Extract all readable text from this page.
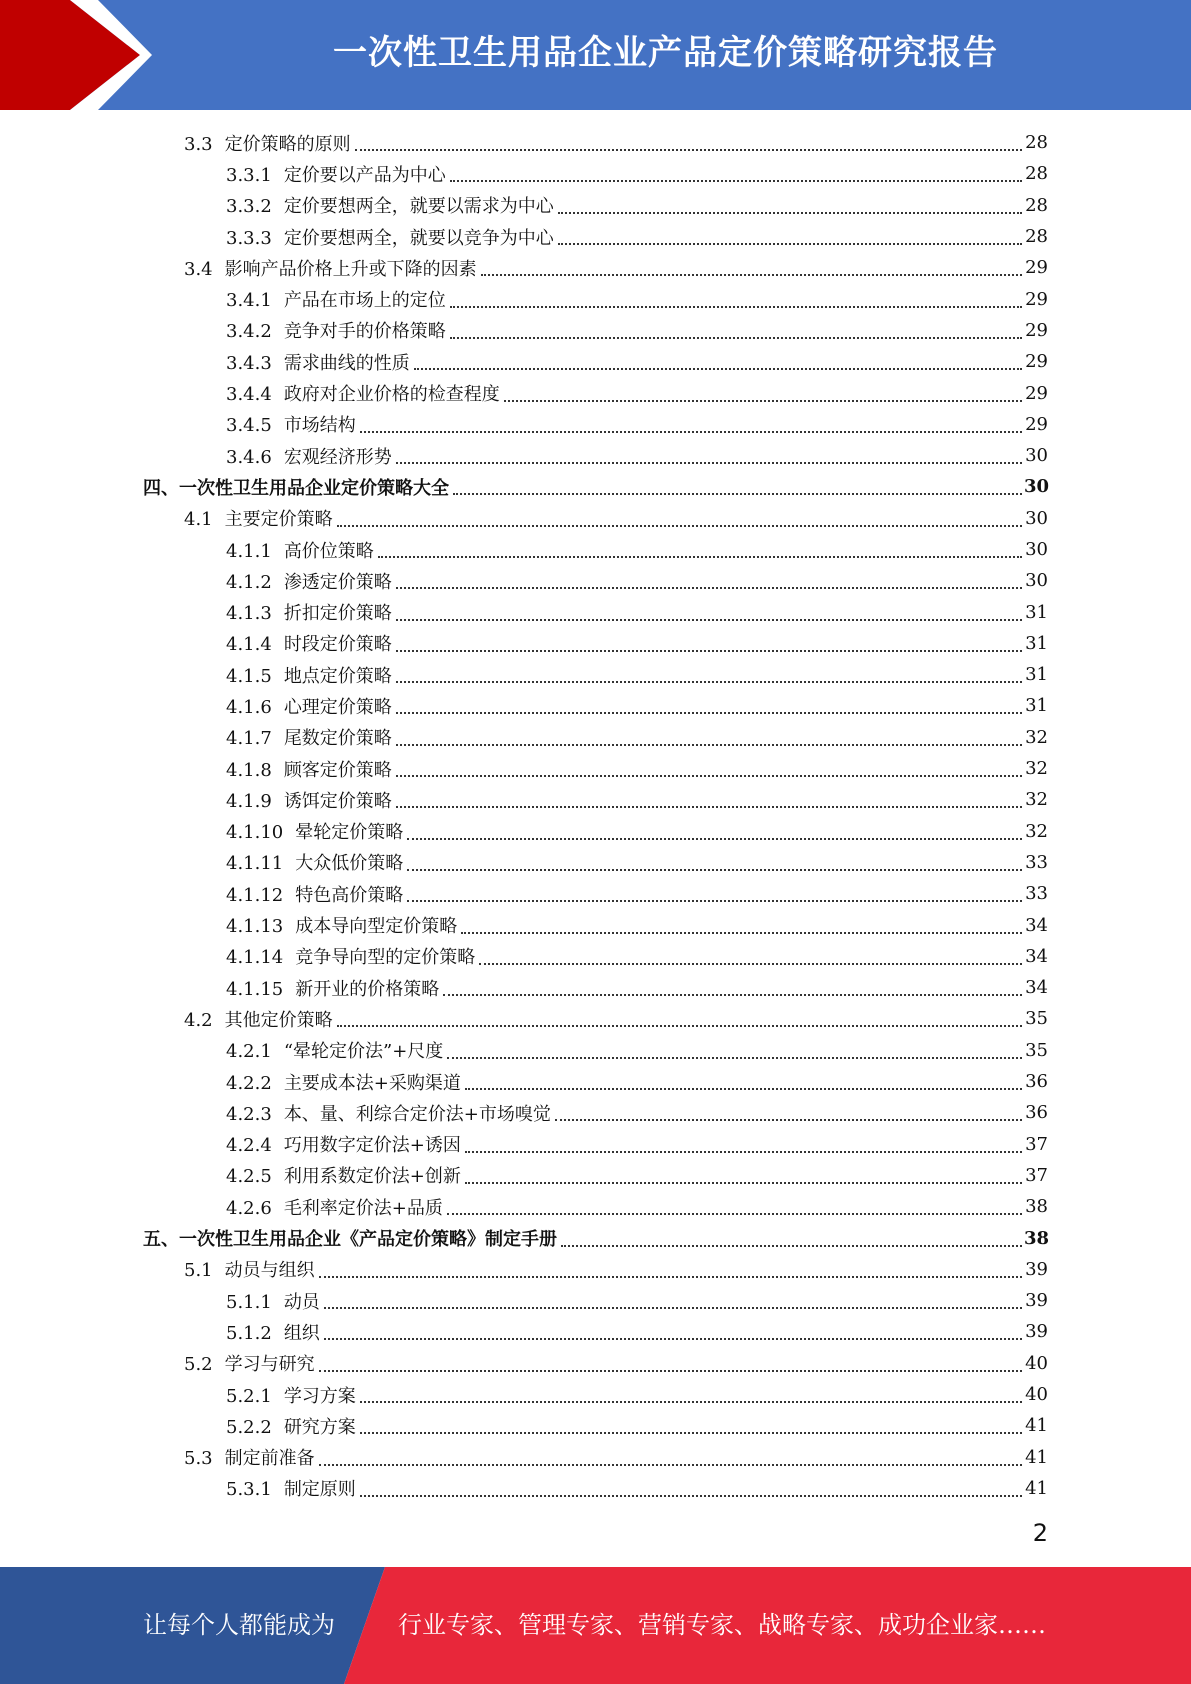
一次性卫生用品企业产品定价策略研究报告
3.3 定价策略的原则	28
3.3.1 定价要以产品为中心	28
3.3.2 定价要想两全，就要以需求为中心	28
3.3.3 定价要想两全，就要以竞争为中心	28
3.4 影响产品价格上升或下降的因素	29
3.4.1 产品在市场上的定位	29
3.4.2 竞争对手的价格策略	29
3.4.3 需求曲线的性质	29
3.4.4 政府对企业价格的检查程度	29
3.4.5 市场结构	29
3.4.6 宏观经济形势	30
四、一次性卫生用品企业定价策略大全	30
4.1 主要定价策略	30
4.1.1 高价位策略	30
4.1.2 渗透定价策略	30
4.1.3 折扣定价策略	31
4.1.4 时段定价策略	31
4.1.5 地点定价策略	31
4.1.6 心理定价策略	31
4.1.7 尾数定价策略	32
4.1.8 顾客定价策略	32
4.1.9 诱饵定价策略	32
4.1.10 晕轮定价策略	32
4.1.11 大众低价策略	33
4.1.12 特色高价策略	33
4.1.13 成本导向型定价策略	34
4.1.14 竞争导向型的定价策略	34
4.1.15 新开业的价格策略	34
4.2 其他定价策略	35
4.2.1 “晕轮定价法”+尺度	35
4.2.2 主要成本法+采购渠道	36
4.2.3 本、量、利综合定价法+市场嗅觉	36
4.2.4 巧用数字定价法+诱因	37
4.2.5 利用系数定价法+创新	37
4.2.6 毛利率定价法+品质	38
五、一次性卫生用品企业《产品定价策略》制定手册	38
5.1 动员与组织	39
5.1.1 动员	39
5.1.2 组织	39
5.2 学习与研究	40
5.2.1 学习方案	40
5.2.2 研究方案	41
5.3 制定前准备	41
5.3.1 制定原则	41
2
让每个人都能成为	行业专家、管理专家、营销专家、战略专家、成功企业家……
